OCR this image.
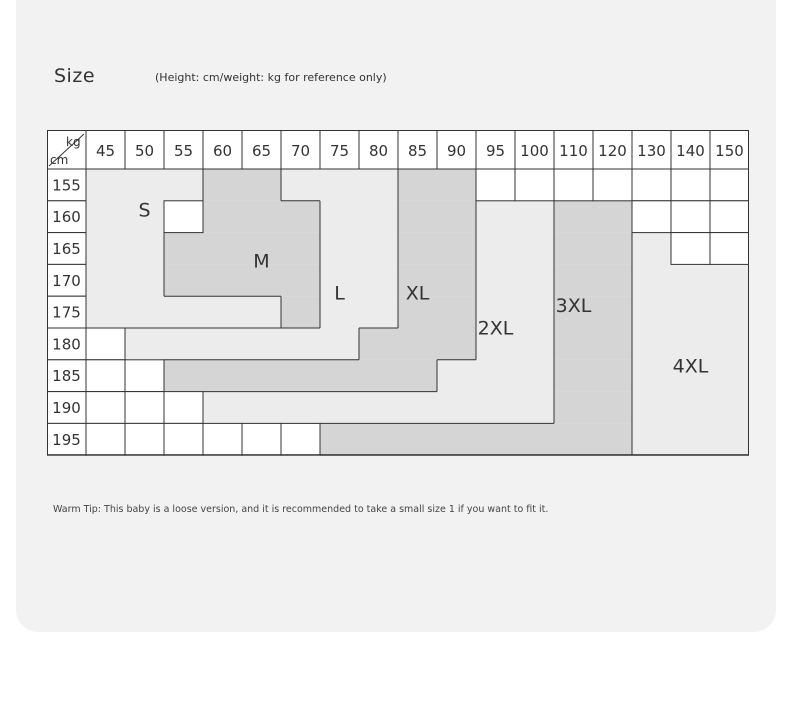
Size	(Height: cm/weight: kg for reference only)
S
M
L	XL
2XL
3XL
4XL
45 50 55 60 65 70 75 80 85 90 95 100 110 120 130 140 150
155
160
165
170
175
180
185
190
195
kg
cm
Warm Tip: This baby is a loose version, and it is recommended to take a small size 1 if you want to fit it.
